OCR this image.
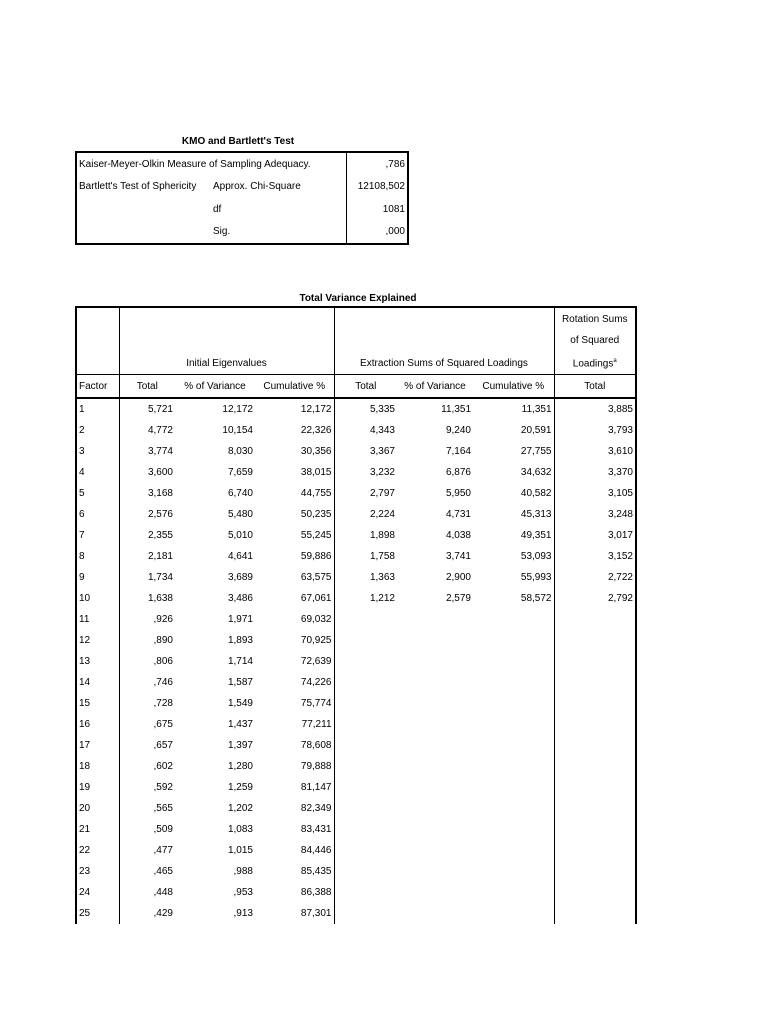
KMO and Bartlett's Test
Kaiser-Meyer-Olkin Measure of Sampling Adequacy.		,786
Bartlett's Test of Sphericity	Approx. Chi-Square	12108,502
	df	1081
	Sig.	,000
Total Variance Explained
	Initial Eigenvalues			Extraction Sums of Squared Loadings			Rotation Sums of Squared Loadings$^a$
Factor	Total	% of Variance	Cumulative %	Total	% of Variance	Cumulative %	Total
1	5,721	12,172	12,172	5,335	11,351	11,351	3,885
2	4,772	10,154	22,326	4,343	9,240	20,591	3,793
3	3,774	8,030	30,356	3,367	7,164	27,755	3,610
4	3,600	7,659	38,015	3,232	6,876	34,632	3,370
5	3,168	6,740	44,755	2,797	5,950	40,582	3,105
6	2,576	5,480	50,235	2,224	4,731	45,313	3,248
7	2,355	5,010	55,245	1,898	4,038	49,351	3,017
8	2,181	4,641	59,886	1,758	3,741	53,093	3,152
9	1,734	3,689	63,575	1,363	2,900	55,993	2,722
10	1,638	3,486	67,061	1,212	2,579	58,572	2,792
11	,926	1,971	69,032				
12	,890	1,893	70,925				
13	,806	1,714	72,639				
14	,746	1,587	74,226				
15	,728	1,549	75,774				
16	,675	1,437	77,211				
17	,657	1,397	78,608				
18	,602	1,280	79,888				
19	,592	1,259	81,147				
20	,565	1,202	82,349				
21	,509	1,083	83,431				
22	,477	1,015	84,446				
23	,465	,988	85,435				
24	,448	,953	86,388				
25	,429	,913	87,301				
